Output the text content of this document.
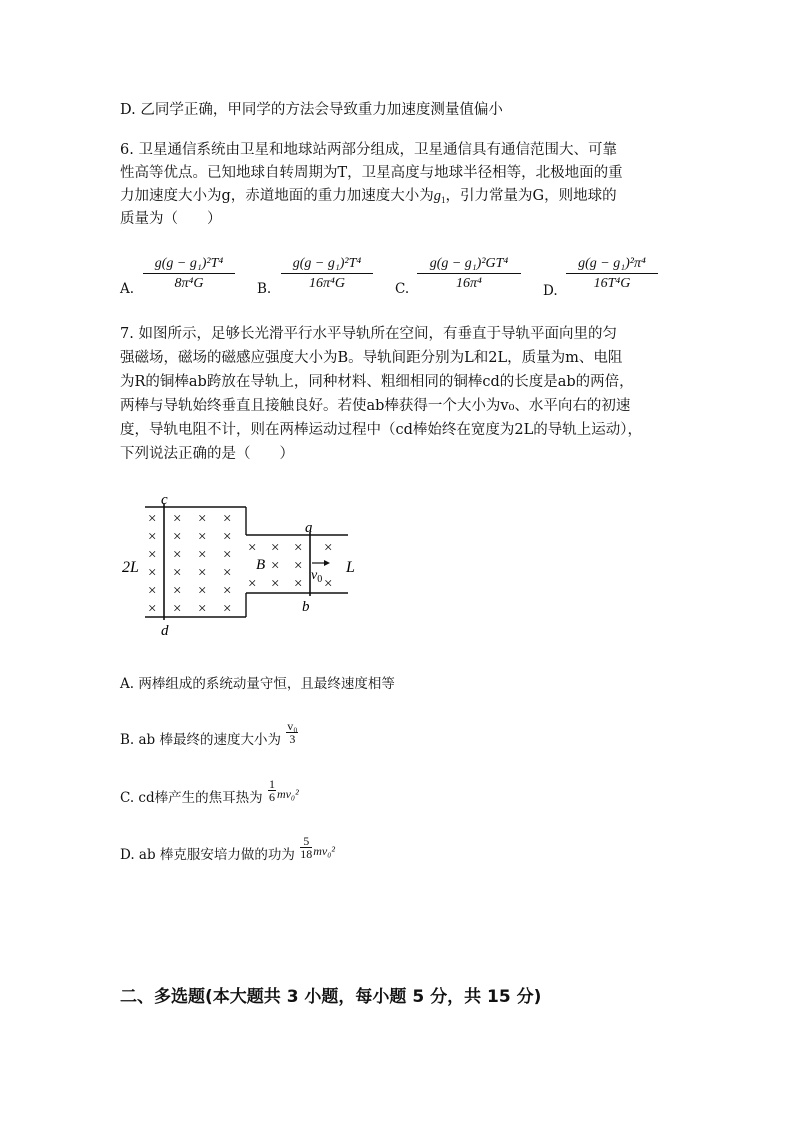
D. 乙同学正确，甲同学的方法会导致重力加速度测量值偏小
6. 卫星通信系统由卫星和地球站两部分组成，卫星通信具有通信范围大、可靠
性高等优点。已知地球自转周期为T，卫星高度与地球半径相等，北极地面的重
力加速度大小为g，赤道地面的重力加速度大小为$g_1$，引力常量为G，则地球的
质量为（　　）
A. $\frac{\text{g(g − g₁)²T⁴}}{\text{8π⁴G}} B$. $\frac{\text{g(g − g₁)²T⁴}}{\text{16π⁴G}} C$. $\frac{\text{g(g − g₁)²GT⁴}}{\text{16π⁴}} D$. $\frac{\text{g(g − g₁)²π⁴}}{\text{16T⁴G}}$
7. 如图所示，足够长光滑平行水平导轨所在空间，有垂直于导轨平面向里的匀
强磁场，磁场的磁感应强度大小为B。导轨间距分别为L和2L，质量为m、电阻
为R的铜棒ab跨放在导轨上，同种材料、粗细相同的铜棒cd的长度是ab的两倍，
两棒与导轨始终垂直且接触良好。若使ab棒获得一个大小为v₀、水平向右的初速
度，导轨电阻不计，则在两棒运动过程中（cd棒始终在宽度为2L的导轨上运动），
下列说法正确的是（　　）
× × × ×
× × × ×
× × × ×
× × × ×
× × × ×
× × × ×
× × × ×
× ×
× × × ×
c
d
a
b
2L	L
B
$v_0$
A. 两棒组成的系统动量守恒，且最终速度相等
B. ab 棒最终的速度大小为 $\frac{\text{v₀}}{3}$
C. cd棒产生的焦耳热为 $\frac{1}{6} mv_0^2$
D. ab 棒克服安培力做的功为 $\frac{5}{18} mv_0^2$
二、多选题(本大题共 3 小题，每小题 5 分，共 15 分)
